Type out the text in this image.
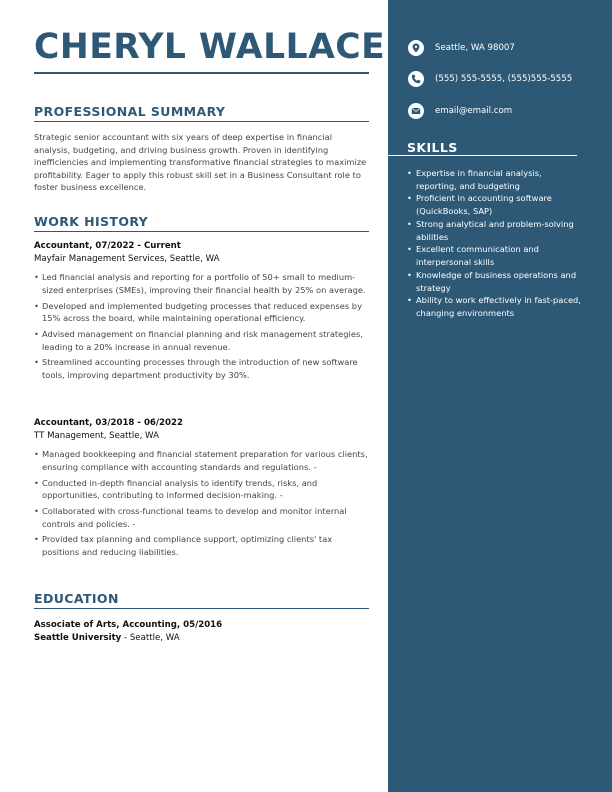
CHERYL WALLACE
PROFESSIONAL SUMMARY
Strategic senior accountant with six years of deep expertise in financial analysis, budgeting, and driving business growth. Proven in identifying inefficiencies and implementing transformative financial strategies to maximize profitability. Eager to apply this robust skill set in a Business Consultant role to foster business excellence.
WORK HISTORY
Accountant, 07/2022 - Current
Mayfair Management Services, Seattle, WA
• Led financial analysis and reporting for a portfolio of 50+ small to medium-sized enterprises (SMEs), improving their financial health by 25% on average.
• Developed and implemented budgeting processes that reduced expenses by 15% across the board, while maintaining operational efficiency.
• Advised management on financial planning and risk management strategies, leading to a 20% increase in annual revenue.
• Streamlined accounting processes through the introduction of new software tools, improving department productivity by 30%.
Accountant, 03/2018 - 06/2022
TT Management, Seattle, WA
• Managed bookkeeping and financial statement preparation for various clients, ensuring compliance with accounting standards and regulations. -
• Conducted in-depth financial analysis to identify trends, risks, and opportunities, contributing to informed decision-making. -
• Collaborated with cross-functional teams to develop and monitor internal controls and policies. -
• Provided tax planning and compliance support, optimizing clients' tax positions and reducing liabilities.
EDUCATION
Associate of Arts, Accounting, 05/2016
Seattle University - Seattle, WA
Seattle, WA 98007
(555) 555-5555, (555)555-5555
email@email.com
SKILLS
• Expertise in financial analysis, reporting, and budgeting
• Proficient in accounting software (QuickBooks, SAP)
• Strong analytical and problem-solving abilities
• Excellent communication and interpersonal skills
• Knowledge of business operations and strategy
• Ability to work effectively in fast-paced, changing environments
